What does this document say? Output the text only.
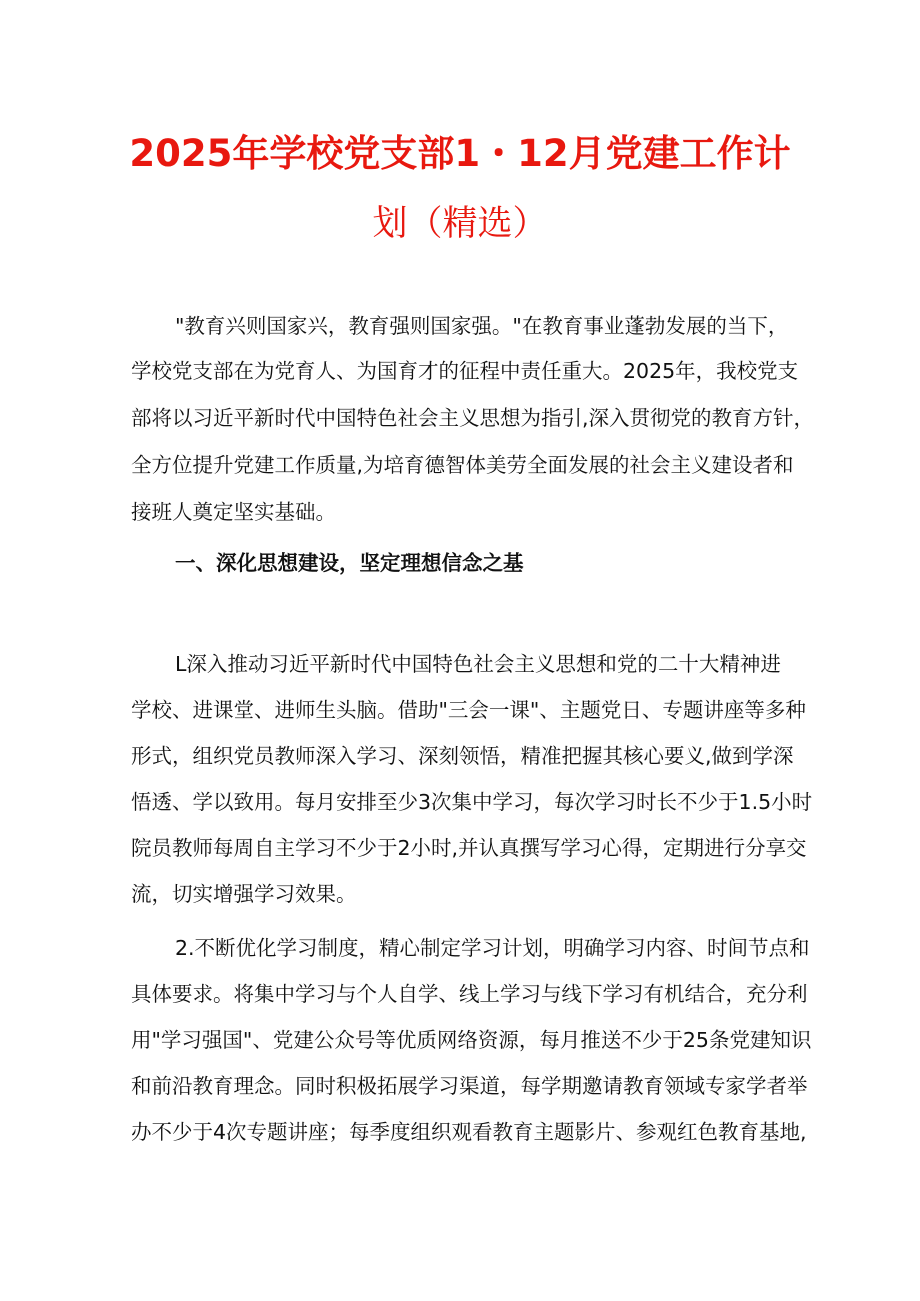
2025年学校党支部1・12月党建工作计
划（精选）
"教育兴则国家兴，教育强则国家强。"在教育事业蓬勃发展的当下，
学校党支部在为党育人、为国育才的征程中责任重大。2025年，我校党支
部将以习近平新时代中国特色社会主义思想为指引,深入贯彻党的教育方针，
全方位提升党建工作质量,为培育德智体美劳全面发展的社会主义建设者和
接班人奠定坚实基础。
一、深化思想建设，坚定理想信念之基
L深入推动习近平新时代中国特色社会主义思想和党的二十大精神进
学校、进课堂、进师生头脑。借助"三会一课"、主题党日、专题讲座等多种
形式，组织党员教师深入学习、深刻领悟，精准把握其核心要义,做到学深
悟透、学以致用。每月安排至少3次集中学习，每次学习时长不少于1.5小时
院员教师每周自主学习不少于2小时,并认真撰写学习心得，定期进行分享交
流，切实增强学习效果。
2.不断优化学习制度，精心制定学习计划，明确学习内容、时间节点和
具体要求。将集中学习与个人自学、线上学习与线下学习有机结合，充分利
用"学习强国"、党建公众号等优质网络资源，每月推送不少于25条党建知识
和前沿教育理念。同时积极拓展学习渠道，每学期邀请教育领域专家学者举
办不少于4次专题讲座；每季度组织观看教育主题影片、参观红色教育基地,
